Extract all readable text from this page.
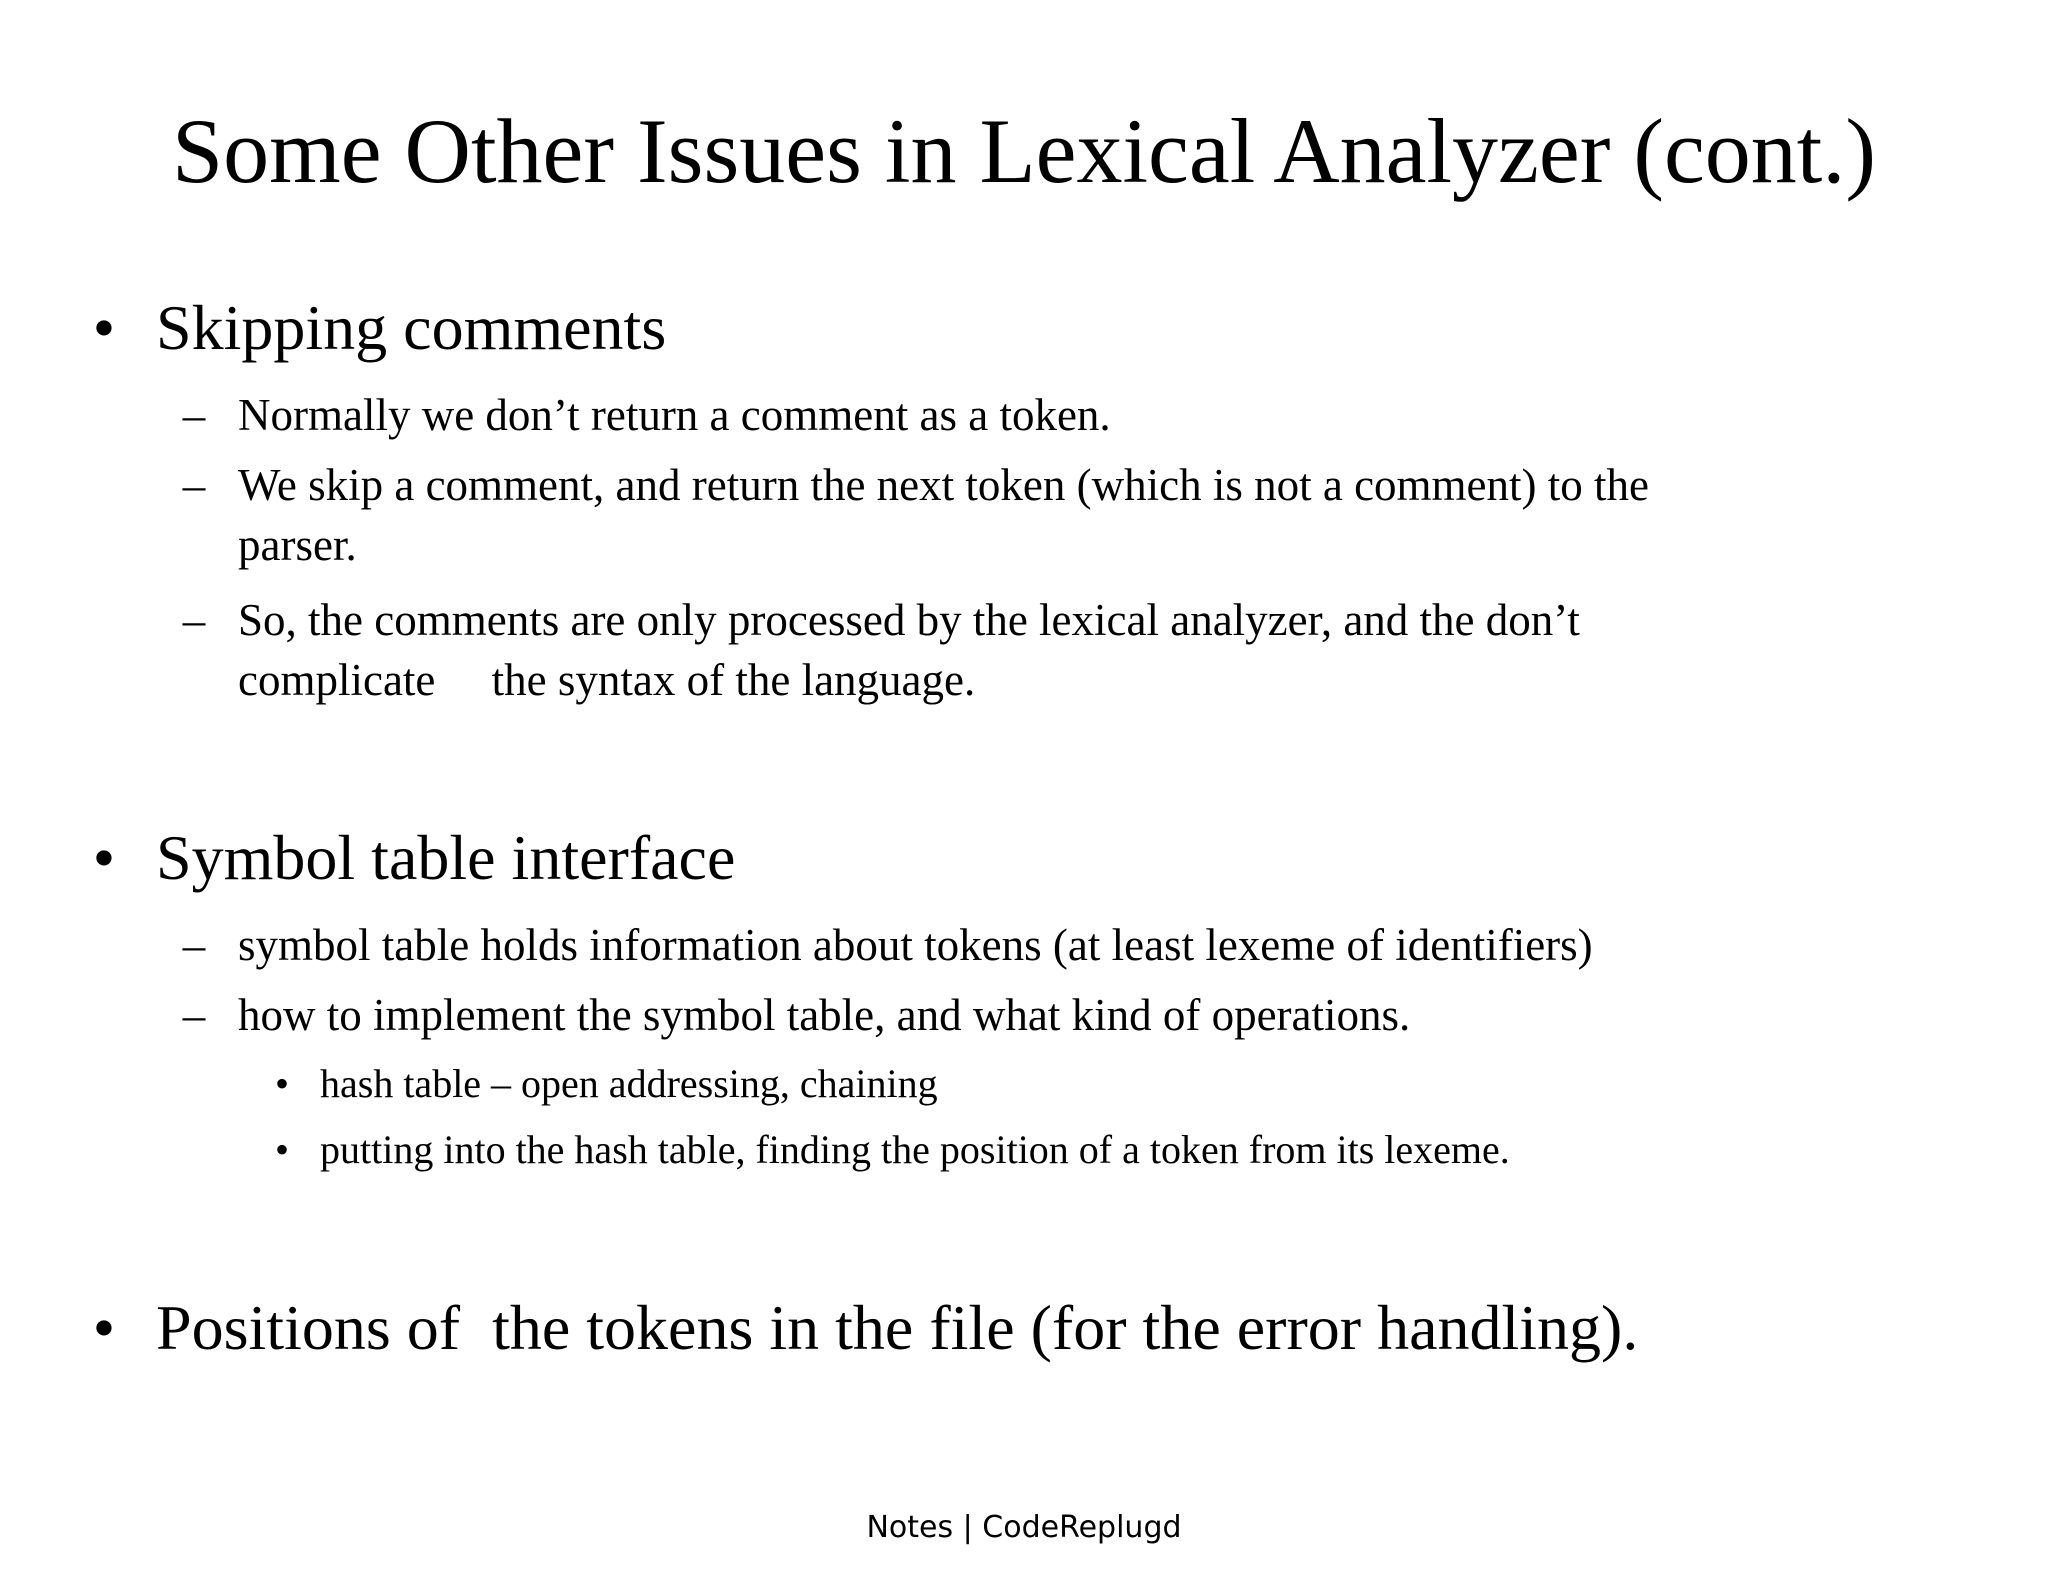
Some Other Issues in Lexical Analyzer (cont.)
• Skipping comments
– Normally we don’t return a comment as a token.
– We skip a comment, and return the next token (which is not a comment) to the
parser.
– So, the comments are only processed by the lexical analyzer, and the don’t
complicate     the syntax of the language.
• Symbol table interface
– symbol table holds information about tokens (at least lexeme of identifiers)
– how to implement the symbol table, and what kind of operations.
• hash table – open addressing, chaining
• putting into the hash table, finding the position of a token from its lexeme.
• Positions of  the tokens in the file (for the error handling).
Notes | CodeReplugd
